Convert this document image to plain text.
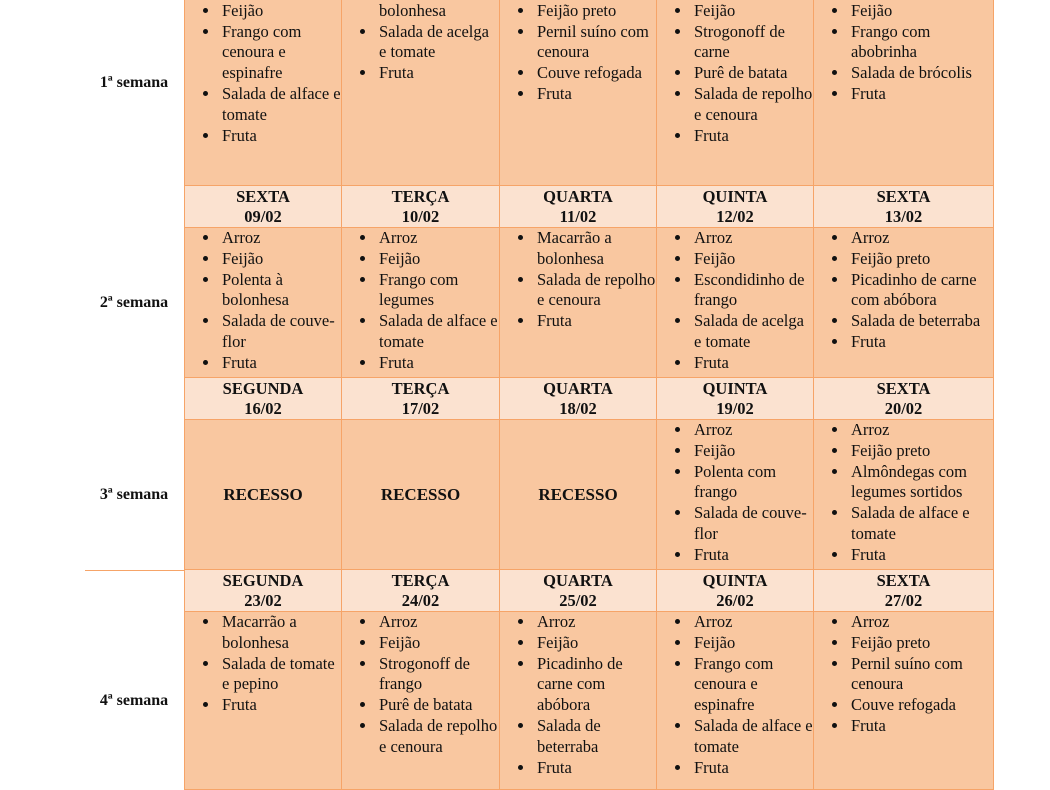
1ª semana
•
• Feijão
• Frango com cenoura e espinafre
• Salada de alface e tomate
• Fruta
• bolonhesa
• Salada de acelga e tomate
• Fruta
•
• Feijão preto
• Pernil suíno com cenoura
• Couve refogada
• Fruta
•
• Feijão
• Strogonoff de carne
• Purê de batata
• Salada de repolho e cenoura
• Fruta
•
• Feijão
• Frango com abobrinha
• Salada de brócolis
• Fruta
2ª semana
SEXTA
09/02
• Arroz
• Feijão
• Polenta à bolonhesa
• Salada de couve-flor
• Fruta
TERÇA
10/02
• Arroz
• Feijão
• Frango com legumes
• Salada de alface e tomate
• Fruta
QUARTA
11/02
• Macarrão a bolonhesa
• Salada de repolho e cenoura
• Fruta
QUINTA
12/02
• Arroz
• Feijão
• Escondidinho de frango
• Salada de acelga e tomate
• Fruta
SEXTA
13/02
• Arroz
• Feijão preto
• Picadinho de carne com abóbora
• Salada de beterraba
• Fruta
3ª semana
SEGUNDA
16/02
RECESSO
TERÇA
17/02
RECESSO
QUARTA
18/02
RECESSO
QUINTA
19/02
• Arroz
• Feijão
• Polenta com frango
• Salada de couve-flor
• Fruta
SEXTA
20/02
• Arroz
• Feijão preto
• Almôndegas com legumes sortidos
• Salada de alface e tomate
• Fruta
4ª semana
SEGUNDA
23/02
• Macarrão a bolonhesa
• Salada de tomate e pepino
• Fruta
TERÇA
24/02
• Arroz
• Feijão
• Strogonoff de frango
• Purê de batata
• Salada de repolho e cenoura
QUARTA
25/02
• Arroz
• Feijão
• Picadinho de carne com abóbora
• Salada de beterraba
• Fruta
QUINTA
26/02
• Arroz
• Feijão
• Frango com cenoura e espinafre
• Salada de alface e tomate
• Fruta
SEXTA
27/02
• Arroz
• Feijão preto
• Pernil suíno com cenoura
• Couve refogada
• Fruta
